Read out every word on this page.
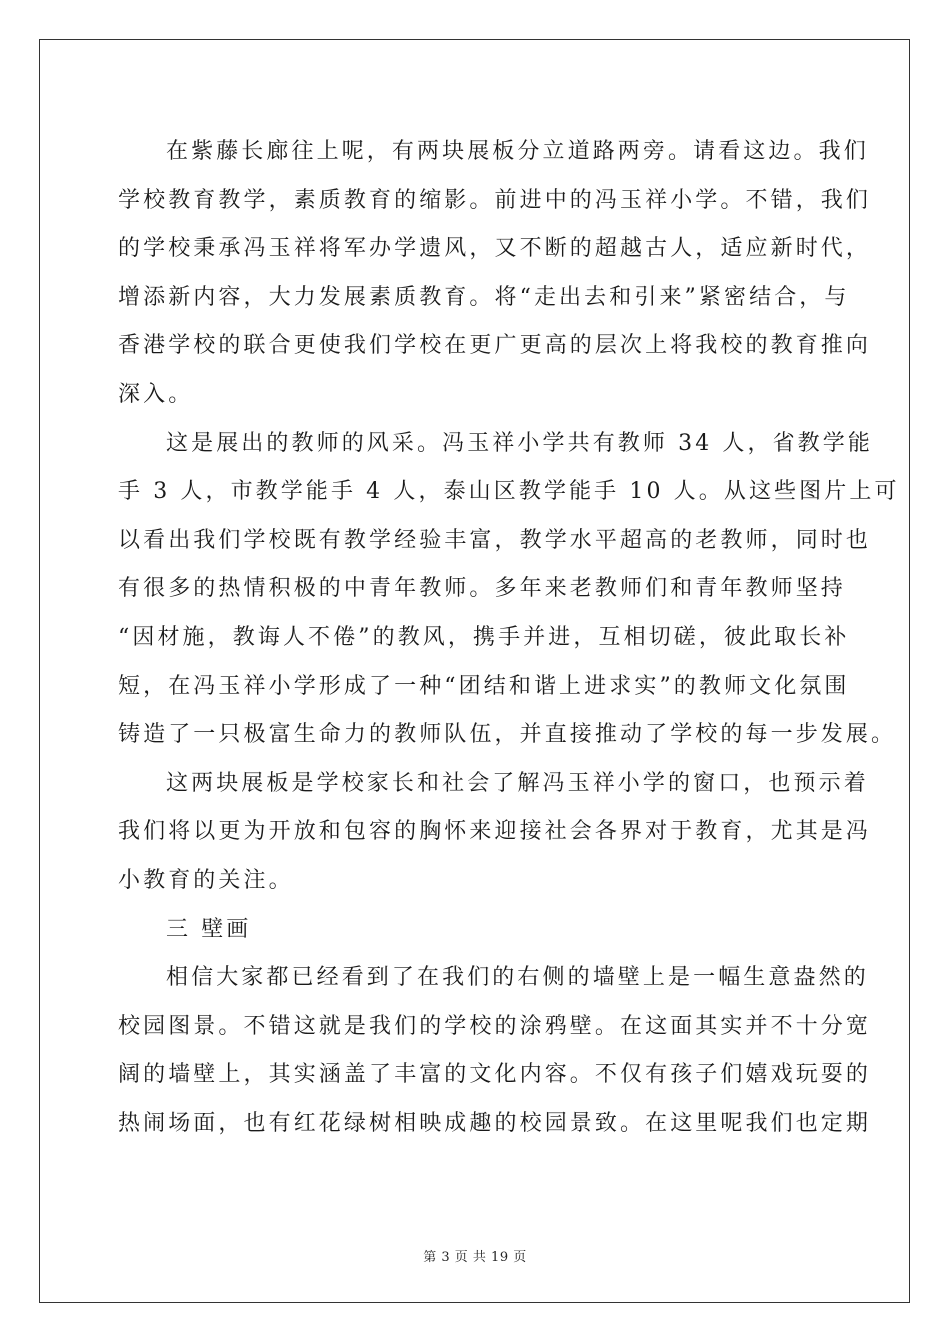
在紫藤长廊往上呢，有两块展板分立道路两旁。请看这边。我们
学校教育教学，素质教育的缩影。前进中的冯玉祥小学。不错，我们
的学校秉承冯玉祥将军办学遗风，又不断的超越古人，适应新时代，
增添新内容，大力发展素质教育。将“走出去和引来”紧密结合，与
香港学校的联合更使我们学校在更广更高的层次上将我校的教育推向
深入。
这是展出的教师的风采。冯玉祥小学共有教师 34 人，省教学能
手 3 人，市教学能手 4 人，泰山区教学能手 10 人。从这些图片上可
以看出我们学校既有教学经验丰富，教学水平超高的老教师，同时也
有很多的热情积极的中青年教师。多年来老教师们和青年教师坚持
“因材施，教诲人不倦”的教风，携手并进，互相切磋，彼此取长补
短，在冯玉祥小学形成了一种“团结和谐上进求实”的教师文化氛围
铸造了一只极富生命力的教师队伍，并直接推动了学校的每一步发展。
这两块展板是学校家长和社会了解冯玉祥小学的窗口，也预示着
我们将以更为开放和包容的胸怀来迎接社会各界对于教育，尤其是冯
小教育的关注。
三 壁画
相信大家都已经看到了在我们的右侧的墙壁上是一幅生意盎然的
校园图景。不错这就是我们的学校的涂鸦壁。在这面其实并不十分宽
阔的墙壁上，其实涵盖了丰富的文化内容。不仅有孩子们嬉戏玩耍的
热闹场面，也有红花绿树相映成趣的校园景致。在这里呢我们也定期
第 3 页 共 19 页
